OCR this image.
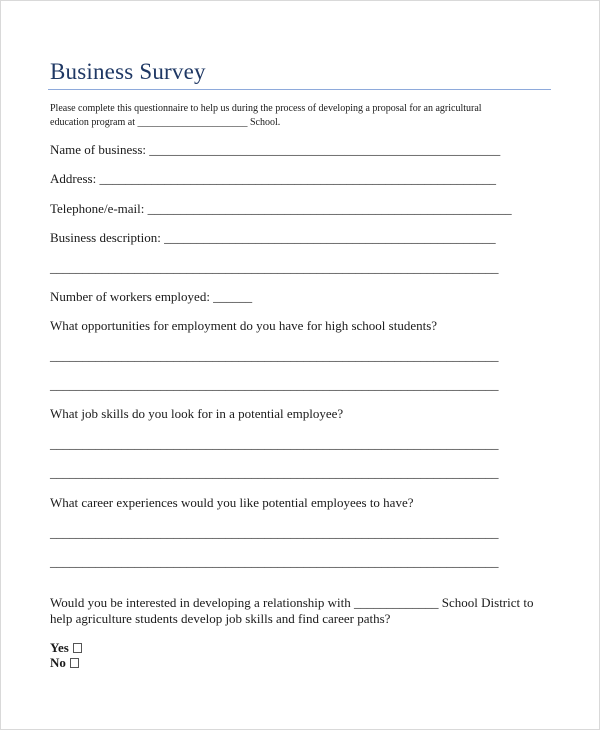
Business Survey
Please complete this questionnaire to help us during the process of developing a proposal for an agricultural
education program at ______________________ School.
Name of business: ______________________________________________________
Address: _____________________________________________________________
Telephone/e-mail: ________________________________________________________
Business description: ___________________________________________________
_____________________________________________________________________
Number of workers employed: ______
What opportunities for employment do you have for high school students?
_____________________________________________________________________
_____________________________________________________________________
What job skills do you look for in a potential employee?
_____________________________________________________________________
_____________________________________________________________________
What career experiences would you like potential employees to have?
_____________________________________________________________________
_____________________________________________________________________
Would you be interested in developing a relationship with _____________ School District to
help agriculture students develop job skills and find career paths?
Yes
No
